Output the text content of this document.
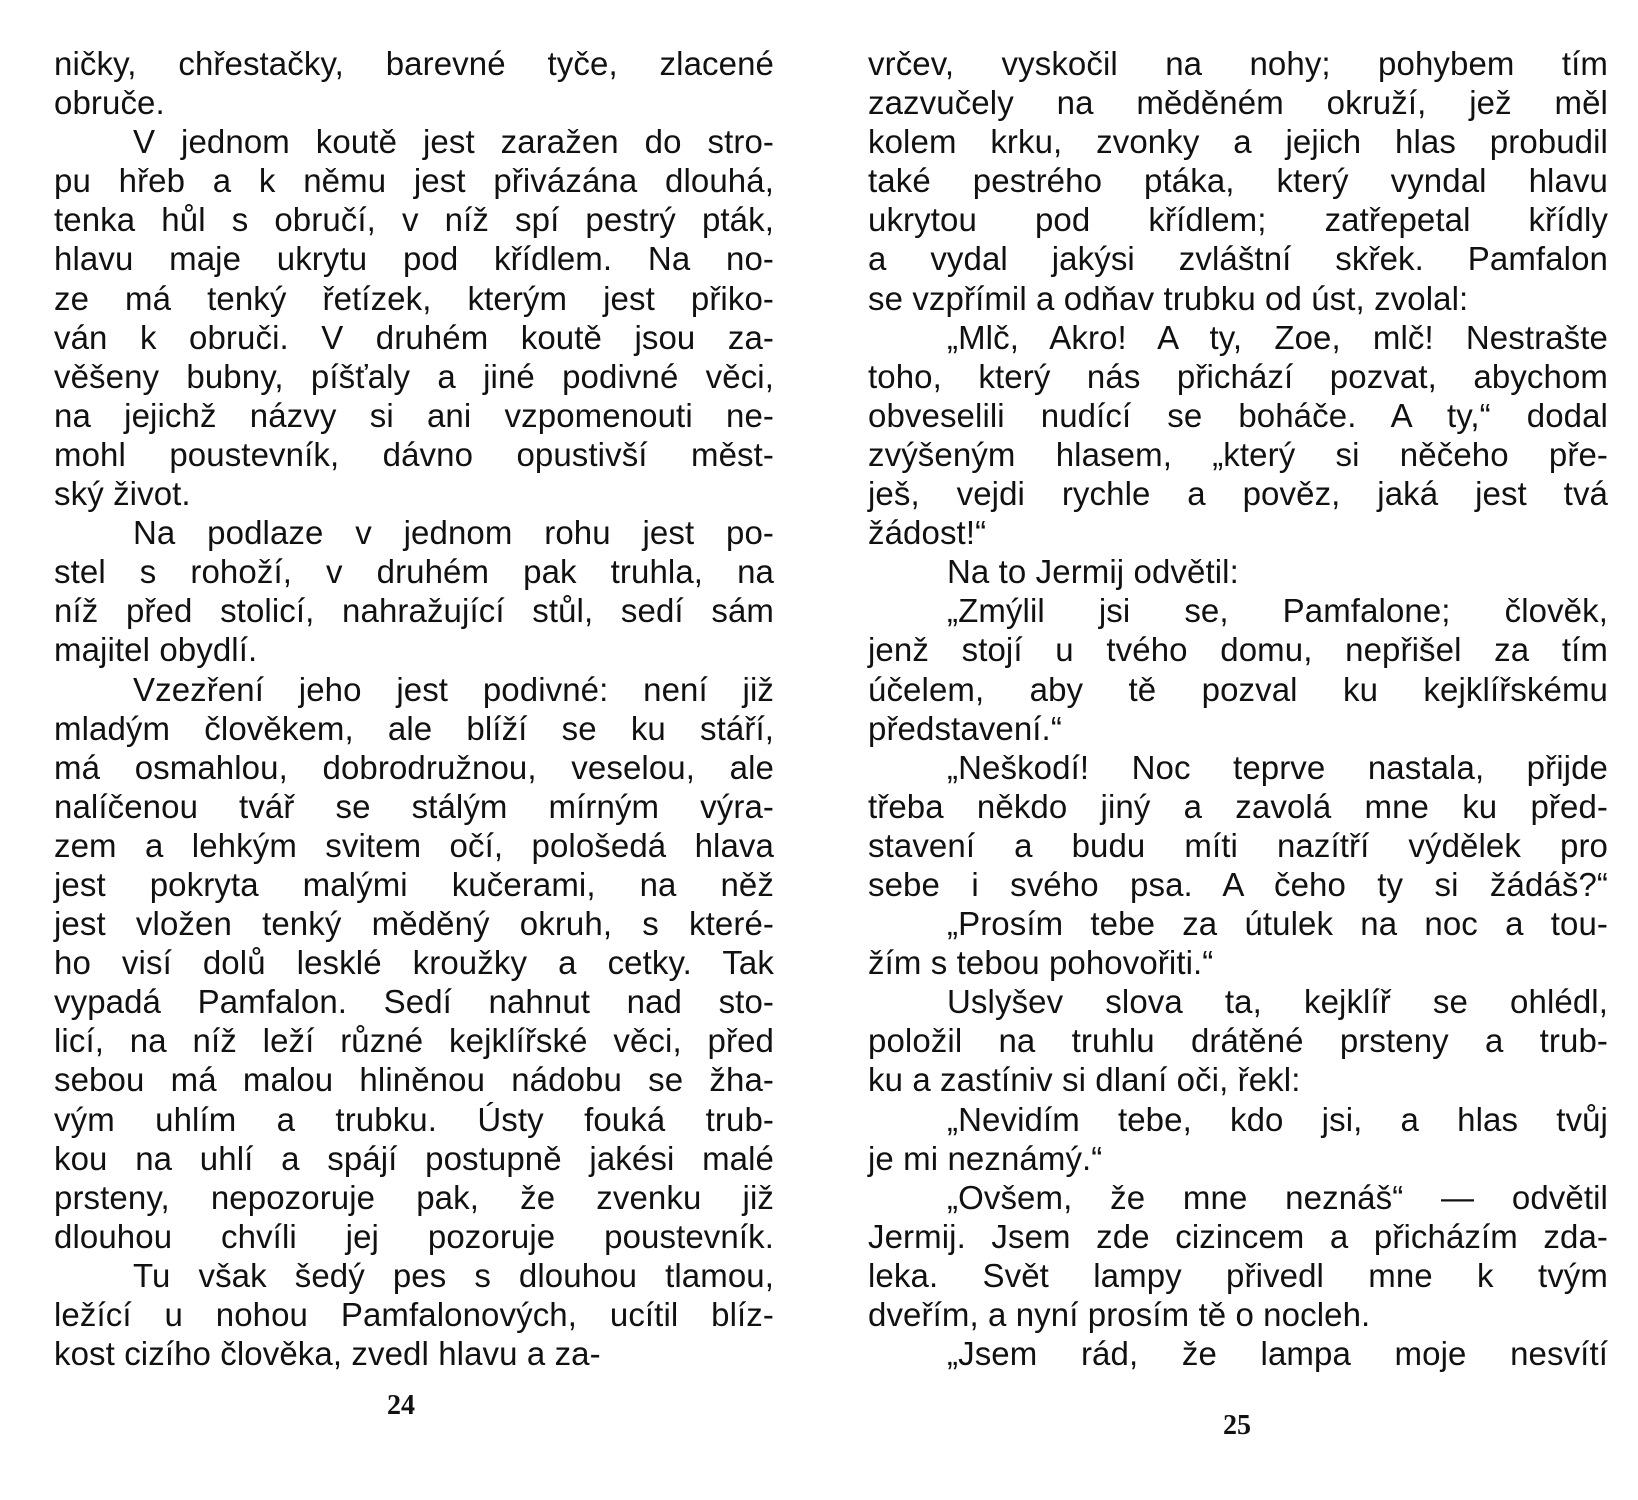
ničky, chřestačky, barevné tyče, zlacené
obruče.
V jednom koutě jest zaražen do stro-
pu hřeb a k němu jest přivázána dlouhá,
tenka hůl s obručí, v níž spí pestrý pták,
hlavu maje ukrytu pod křídlem. Na no-
ze má tenký řetízek, kterým jest přiko-
ván k obruči. V druhém koutě jsou za-
věšeny bubny, píšťaly a jiné podivné věci,
na jejichž názvy si ani vzpomenouti ne-
mohl poustevník, dávno opustivší měst-
ský život.
Na podlaze v jednom rohu jest po-
stel s rohoží, v druhém pak truhla, na
níž před stolicí, nahražující stůl, sedí sám
majitel obydlí.
Vzezření jeho jest podivné: není již
mladým člověkem, ale blíží se ku stáří,
má osmahlou, dobrodružnou, veselou, ale
nalíčenou tvář se stálým mírným výra-
zem a lehkým svitem očí, pološedá hlava
jest pokryta malými kučerami, na něž
jest vložen tenký měděný okruh, s které-
ho visí dolů lesklé kroužky a cetky. Tak
vypadá Pamfalon. Sedí nahnut nad sto-
licí, na níž leží různé kejklířské věci, před
sebou má malou hliněnou nádobu se žha-
vým uhlím a trubku. Ústy fouká trub-
kou na uhlí a spájí postupně jakési malé
prsteny, nepozoruje pak, že zvenku již
dlouhou chvíli jej pozoruje poustevník.
Tu však šedý pes s dlouhou tlamou,
ležící u nohou Pamfalonových, ucítil blíz-
kost cizího člověka, zvedl hlavu a za-
24
vrčev, vyskočil na nohy; pohybem tím
zazvučely na měděném okruží, jež měl
kolem krku, zvonky a jejich hlas probudil
také pestrého ptáka, který vyndal hlavu
ukrytou pod křídlem; zatřepetal křídly
a vydal jakýsi zvláštní skřek. Pamfalon
se vzpřímil a odňav trubku od úst, zvolal:
„Mlč, Akro! A ty, Zoe, mlč! Nestrašte
toho, který nás přichází pozvat, abychom
obveselili nudící se boháče. A ty,“ dodal
zvýšeným hlasem, „který si něčeho pře-
ješ, vejdi rychle a pověz, jaká jest tvá
žádost!“
Na to Jermij odvětil:
„Zmýlil jsi se, Pamfalone; člověk,
jenž stojí u tvého domu, nepřišel za tím
účelem, aby tě pozval ku kejklířskému
představení.“
„Neškodí! Noc teprve nastala, přijde
třeba někdo jiný a zavolá mne ku před-
stavení a budu míti nazítří výdělek pro
sebe i svého psa. A čeho ty si žádáš?“
„Prosím tebe za útulek na noc a tou-
žím s tebou pohovořiti.“
Uslyšev slova ta, kejklíř se ohlédl,
položil na truhlu drátěné prsteny a trub-
ku a zastíniv si dlaní oči, řekl:
„Nevidím tebe, kdo jsi, a hlas tvůj
je mi neznámý.“
„Ovšem, že mne neznáš“ — odvětil
Jermij. Jsem zde cizincem a přicházím zda-
leka. Svět lampy přivedl mne k tvým
dveřím, a nyní prosím tě o nocleh.
„Jsem rád, že lampa moje nesvítí
25
